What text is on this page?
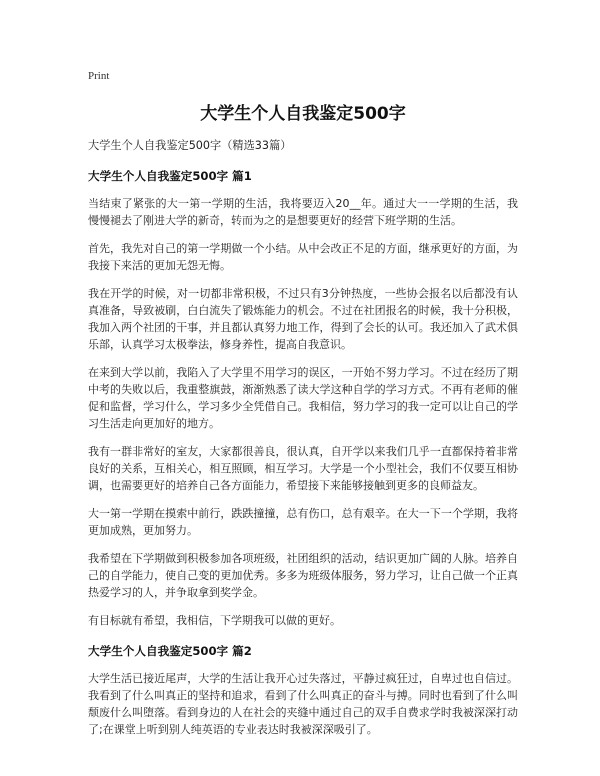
Print
大学生个人自我鉴定500字
大学生个人自我鉴定500字（精选33篇）
大学生个人自我鉴定500字 篇1

当结束了紧张的大一第一学期的生活，我将要迈入20__年。通过大一一学期的生活，我慢慢褪去了刚进大学的新奇，转而为之的是想要更好的经营下班学期的生活。

首先，我先对自己的第一学期做一个小结。从中会改正不足的方面，继承更好的方面，为我接下来活的更加无怨无悔。

我在开学的时候，对一切都非常积极，不过只有3分钟热度，一些协会报名以后都没有认真准备，导致被刷，白白流失了锻炼能力的机会。不过在社团报名的时候，我十分积极，我加入两个社团的干事，并且都认真努力地工作，得到了会长的认可。我还加入了武术俱乐部，认真学习太极拳法，修身养性，提高自我意识。

在来到大学以前，我陷入了大学里不用学习的误区，一开始不努力学习。不过在经历了期中考的失败以后，我重整旗鼓，渐渐熟悉了读大学这种自学的学习方式。不再有老师的催促和监督，学习什么，学习多少全凭借自己。我相信，努力学习的我一定可以让自己的学习生活走向更加好的地方。

我有一群非常好的室友，大家都很善良，很认真，自开学以来我们几乎一直都保持着非常良好的关系，互相关心，相互照顾，相互学习。大学是一个小型社会，我们不仅要互相协调，也需要更好的培养自己各方面能力，希望接下来能够接触到更多的良师益友。

大一第一学期在摸索中前行，跌跌撞撞，总有伤口，总有艰辛。在大一下一个学期，我将更加成熟，更加努力。

我希望在下学期做到积极参加各项班级，社团组织的活动，结识更加广阔的人脉。培养自己的自学能力，使自己变的更加优秀。多多为班级体服务，努力学习，让自己做一个正真热爱学习的人，并争取拿到奖学金。

有目标就有希望，我相信，下学期我可以做的更好。

大学生个人自我鉴定500字 篇2

大学生活已接近尾声，大学的生活让我开心过失落过，平静过疯狂过，自卑过也自信过。我看到了什么叫真正的坚持和追求，看到了什么叫真正的奋斗与搏。同时也看到了什么叫颓废什么叫堕落。看到身边的人在社会的夹缝中通过自己的双手自费求学时我被深深打动了;在课堂上听到别人纯英语的专业表达时我被深深吸引了。
